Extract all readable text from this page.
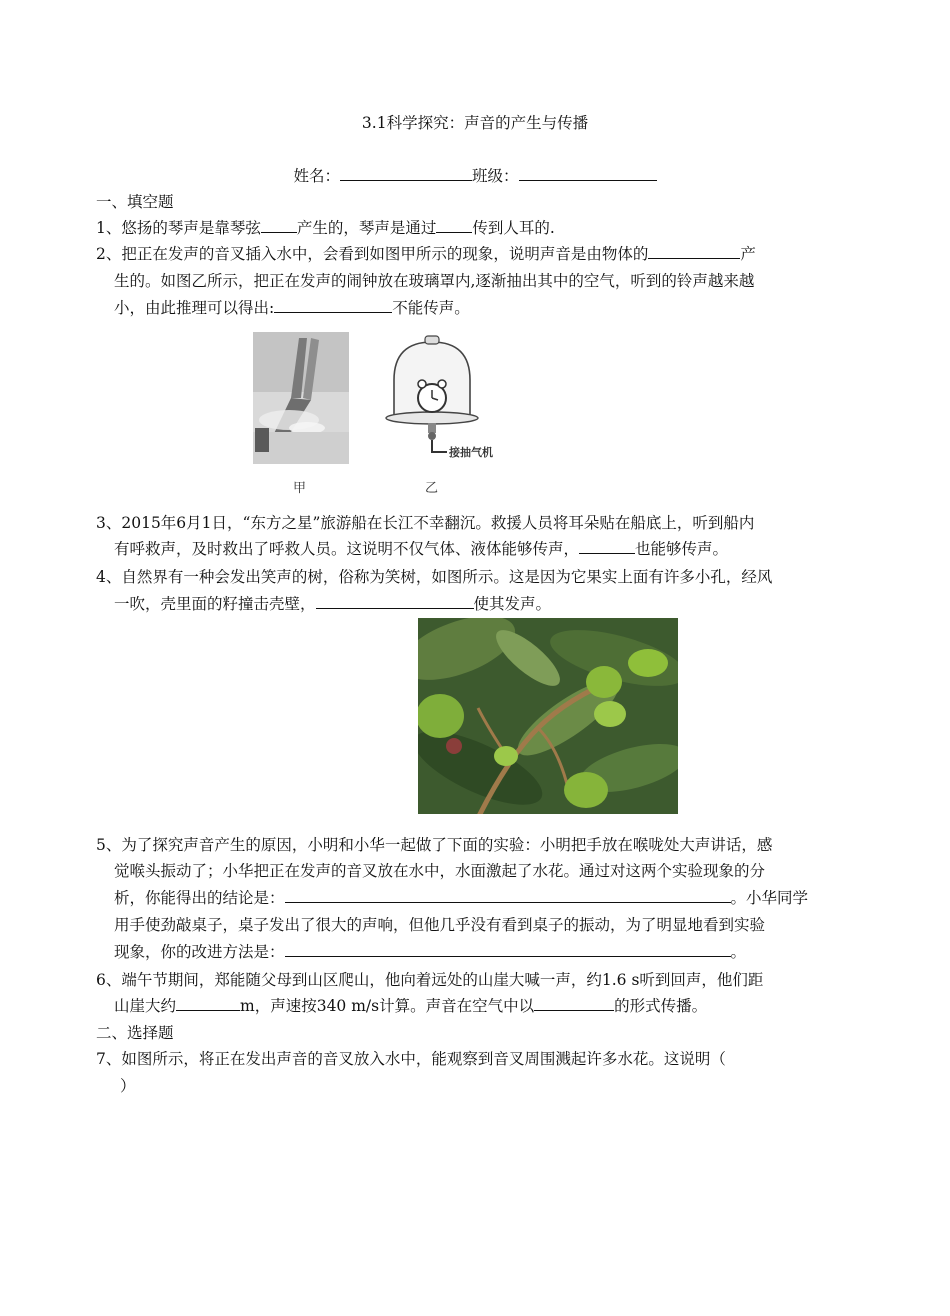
3.1科学探究：声音的产生与传播
姓名：	班级：
一、填空题
1、悠扬的琴声是靠琴弦 产生的，琴声是通过 传到人耳的.
2、把正在发声的音叉插入水中，会看到如图甲所示的现象，说明声音是由物体的	产
生的。如图乙所示，把正在发声的闹钟放在玻璃罩内,逐渐抽出其中的空气，听到的铃声越来越
小，由此推理可以得出:	不能传声。
接抽气机
甲	乙
3、2015年6月1日，“东方之星”旅游船在长江不幸翻沉。救援人员将耳朵贴在船底上，听到船内
有呼救声，及时救出了呼救人员。这说明不仅气体、液体能够传声，	也能够传声。
4、自然界有一种会发出笑声的树，俗称为笑树，如图所示。这是因为它果实上面有许多小孔，经风
一吹，壳里面的籽撞击壳壁，	使其发声。
5、为了探究声音产生的原因，小明和小华一起做了下面的实验：小明把手放在喉咙处大声讲话，感
觉喉头振动了；小华把正在发声的音叉放在水中，水面激起了水花。通过对这两个实验现象的分
析，你能得出的结论是：	。小华同学
用手使劲敲桌子，桌子发出了很大的声响，但他几乎没有看到桌子的振动，为了明显地看到实验
现象，你的改进方法是：	。
6、端午节期间，郑能随父母到山区爬山，他向着远处的山崖大喊一声，约1.6 s听到回声，他们距
山崖大约	m，声速按340 m/s计算。声音在空气中以	的形式传播。
二、选择题
7、如图所示，将正在发出声音的音叉放入水中，能观察到音叉周围溅起许多水花。这说明（
）
